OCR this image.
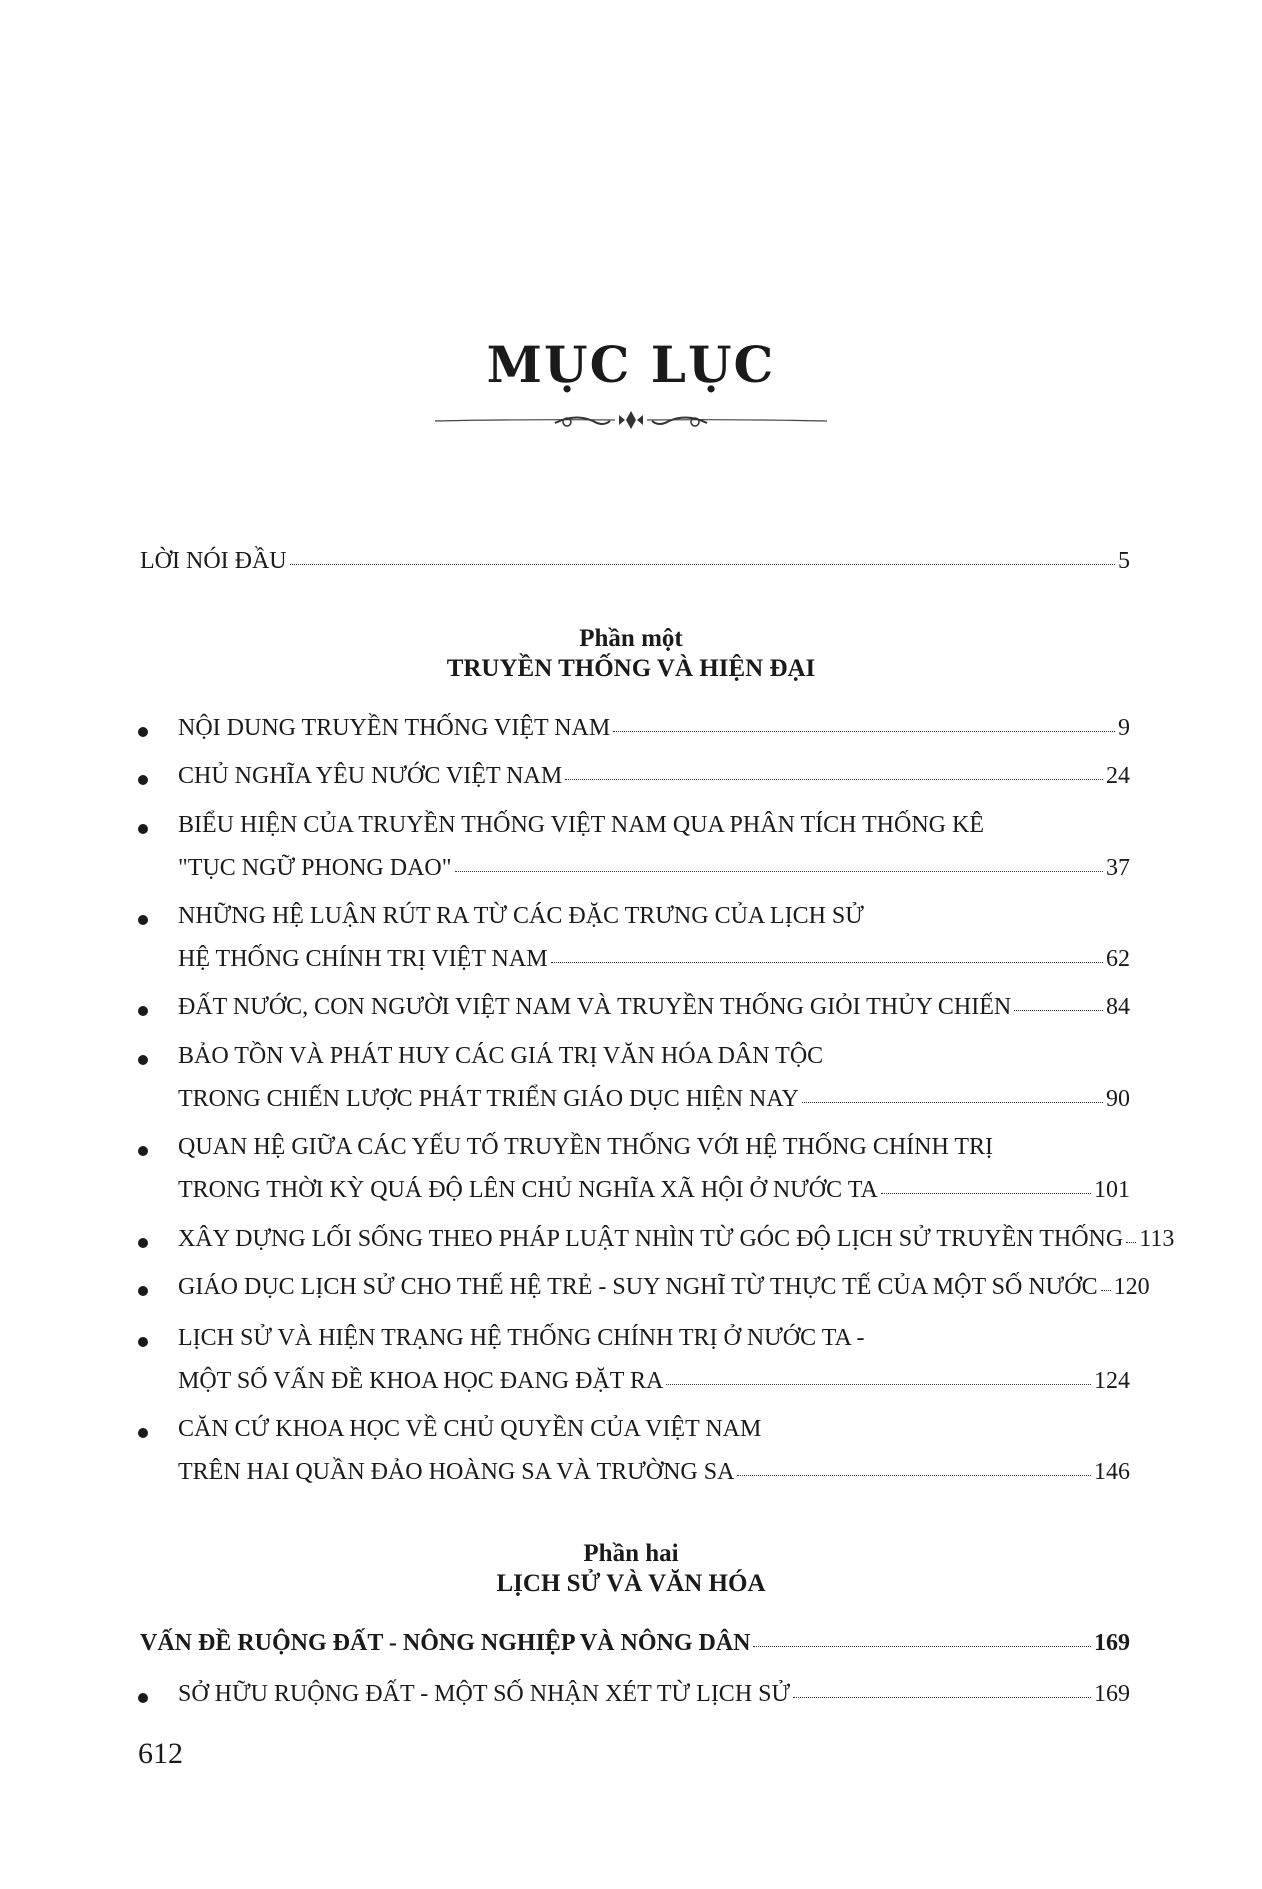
MỤC LỤC
LỜI NÓI ĐẦU	5
Phần một
TRUYỀN THỐNG VÀ HIỆN ĐẠI
NỘI DUNG TRUYỀN THỐNG VIỆT NAM	9
CHỦ NGHĨA YÊU NƯỚC VIỆT NAM	24
BIỂU HIỆN CỦA TRUYỀN THỐNG VIỆT NAM QUA PHÂN TÍCH THỐNG KÊ
"TỤC NGỮ PHONG DAO"	37
NHỮNG HỆ LUẬN RÚT RA TỪ CÁC ĐẶC TRƯNG CỦA LỊCH SỬ
HỆ THỐNG CHÍNH TRỊ VIỆT NAM	62
ĐẤT NƯỚC, CON NGƯỜI VIỆT NAM VÀ TRUYỀN THỐNG GIỎI THỦY CHIẾN	84
BẢO TỒN VÀ PHÁT HUY CÁC GIÁ TRỊ VĂN HÓA DÂN TỘC
TRONG CHIẾN LƯỢC PHÁT TRIỂN GIÁO DỤC HIỆN NAY	90
QUAN HỆ GIỮA CÁC YẾU TỐ TRUYỀN THỐNG VỚI HỆ THỐNG CHÍNH TRỊ
TRONG THỜI KỲ QUÁ ĐỘ LÊN CHỦ NGHĨA XÃ HỘI Ở NƯỚC TA	101
XÂY DỰNG LỐI SỐNG THEO PHÁP LUẬT NHÌN TỪ GÓC ĐỘ LỊCH SỬ TRUYỀN THỐNG 113
GIÁO DỤC LỊCH SỬ CHO THẾ HỆ TRẺ - SUY NGHĨ TỪ THỰC TẾ CỦA MỘT SỐ NƯỚC 120
LỊCH SỬ VÀ HIỆN TRẠNG HỆ THỐNG CHÍNH TRỊ Ở NƯỚC TA -
MỘT SỐ VẤN ĐỀ KHOA HỌC ĐANG ĐẶT RA	124
CĂN CỨ KHOA HỌC VỀ CHỦ QUYỀN CỦA VIỆT NAM
TRÊN HAI QUẦN ĐẢO HOÀNG SA VÀ TRƯỜNG SA	146
Phần hai
LỊCH SỬ VÀ VĂN HÓA
VẤN ĐỀ RUỘNG ĐẤT - NÔNG NGHIỆP VÀ NÔNG DÂN	169
SỞ HỮU RUỘNG ĐẤT - MỘT SỐ NHẬN XÉT TỪ LỊCH SỬ	169
612
